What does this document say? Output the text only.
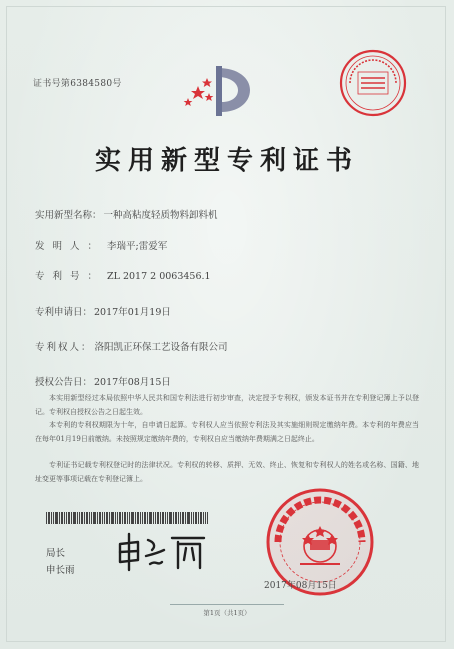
证书号第6384580号
实用新型专利证书
实用新型名称： 一种高粘度轻质物料卸料机
发明人： 李瑞平;雷爱军
专利号： ZL 2017 2 0063456.1
专利申请日： 2017年01月19日
专利权人： 洛阳凯正环保工艺设备有限公司
授权公告日： 2017年08月15日
本实用新型经过本局依照中华人民共和国专利法进行初步审查，决定授予专利权，颁发本证书并在专利登记簿上予以登记。专利权自授权公告之日起生效。
本专利的专利权期限为十年，自申请日起算。专利权人应当依照专利法及其实施细则规定缴纳年费。本专利的年费应当在每年01月19日前缴纳。未按照规定缴纳年费的，专利权自应当缴纳年费期满之日起终止。
专利证书记载专利权登记时的法律状况。专利权的转移、质押、无效、终止、恢复和专利权人的姓名或名称、国籍、地址变更等事项记载在专利登记簿上。
局长
申长雨
2017年08月15日
第1页（共1页）
